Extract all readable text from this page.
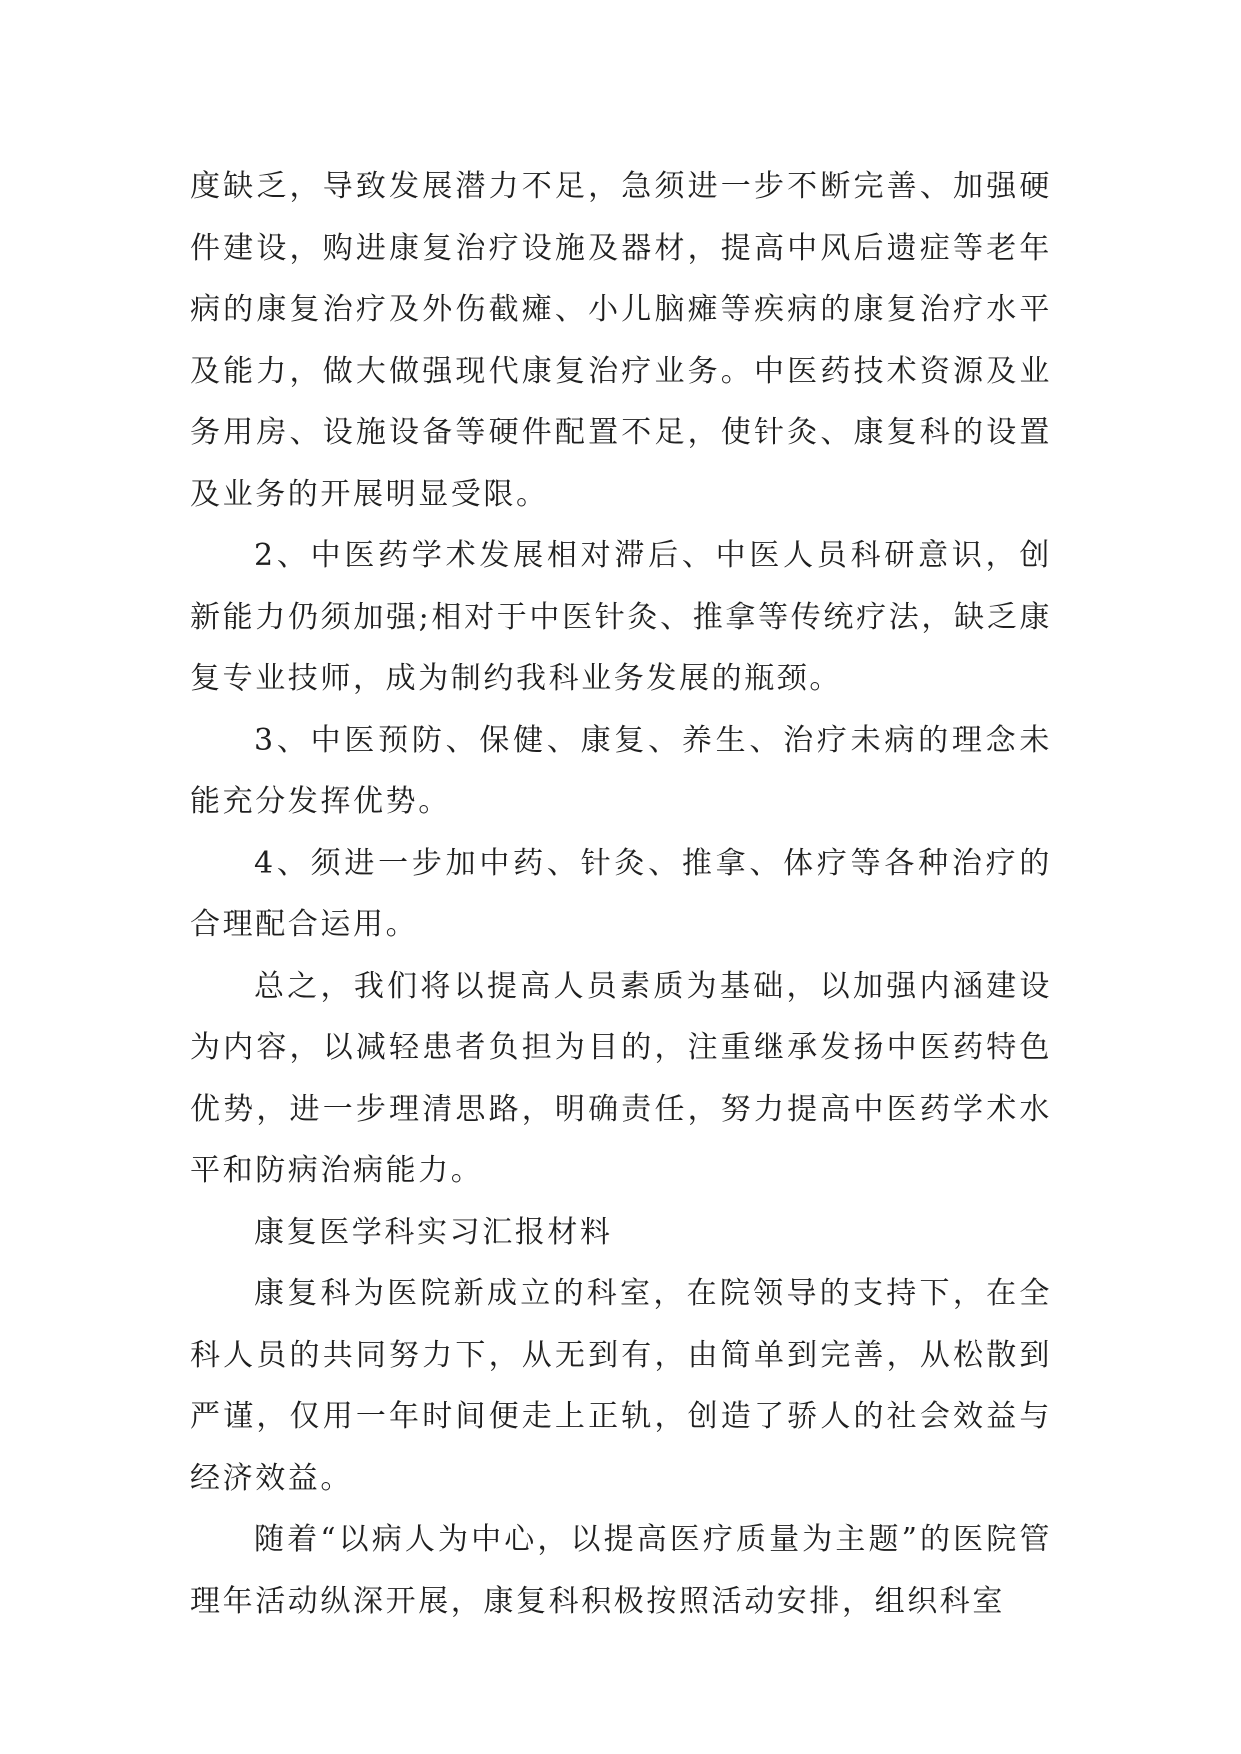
度缺乏，导致发展潜力不足，急须进一步不断完善、加强硬件建设，购进康复治疗设施及器材，提高中风后遗症等老年病的康复治疗及外伤截瘫、小儿脑瘫等疾病的康复治疗水平及能力，做大做强现代康复治疗业务。中医药技术资源及业务用房、设施设备等硬件配置不足，使针灸、康复科的设置及业务的开展明显受限。

2、中医药学术发展相对滞后、中医人员科研意识，创新能力仍须加强;相对于中医针灸、推拿等传统疗法，缺乏康复专业技师，成为制约我科业务发展的瓶颈。

3、中医预防、保健、康复、养生、治疗未病的理念未能充分发挥优势。

4、须进一步加中药、针灸、推拿、体疗等各种治疗的合理配合运用。

总之，我们将以提高人员素质为基础，以加强内涵建设为内容，以减轻患者负担为目的，注重继承发扬中医药特色优势，进一步理清思路，明确责任，努力提高中医药学术水平和防病治病能力。

康复医学科实习汇报材料

康复科为医院新成立的科室，在院领导的支持下，在全科人员的共同努力下，从无到有，由简单到完善，从松散到严谨，仅用一年时间便走上正轨，创造了骄人的社会效益与经济效益。

随着“以病人为中心，以提高医疗质量为主题”的医院管理年活动纵深开展，康复科积极按照活动安排，组织科室
